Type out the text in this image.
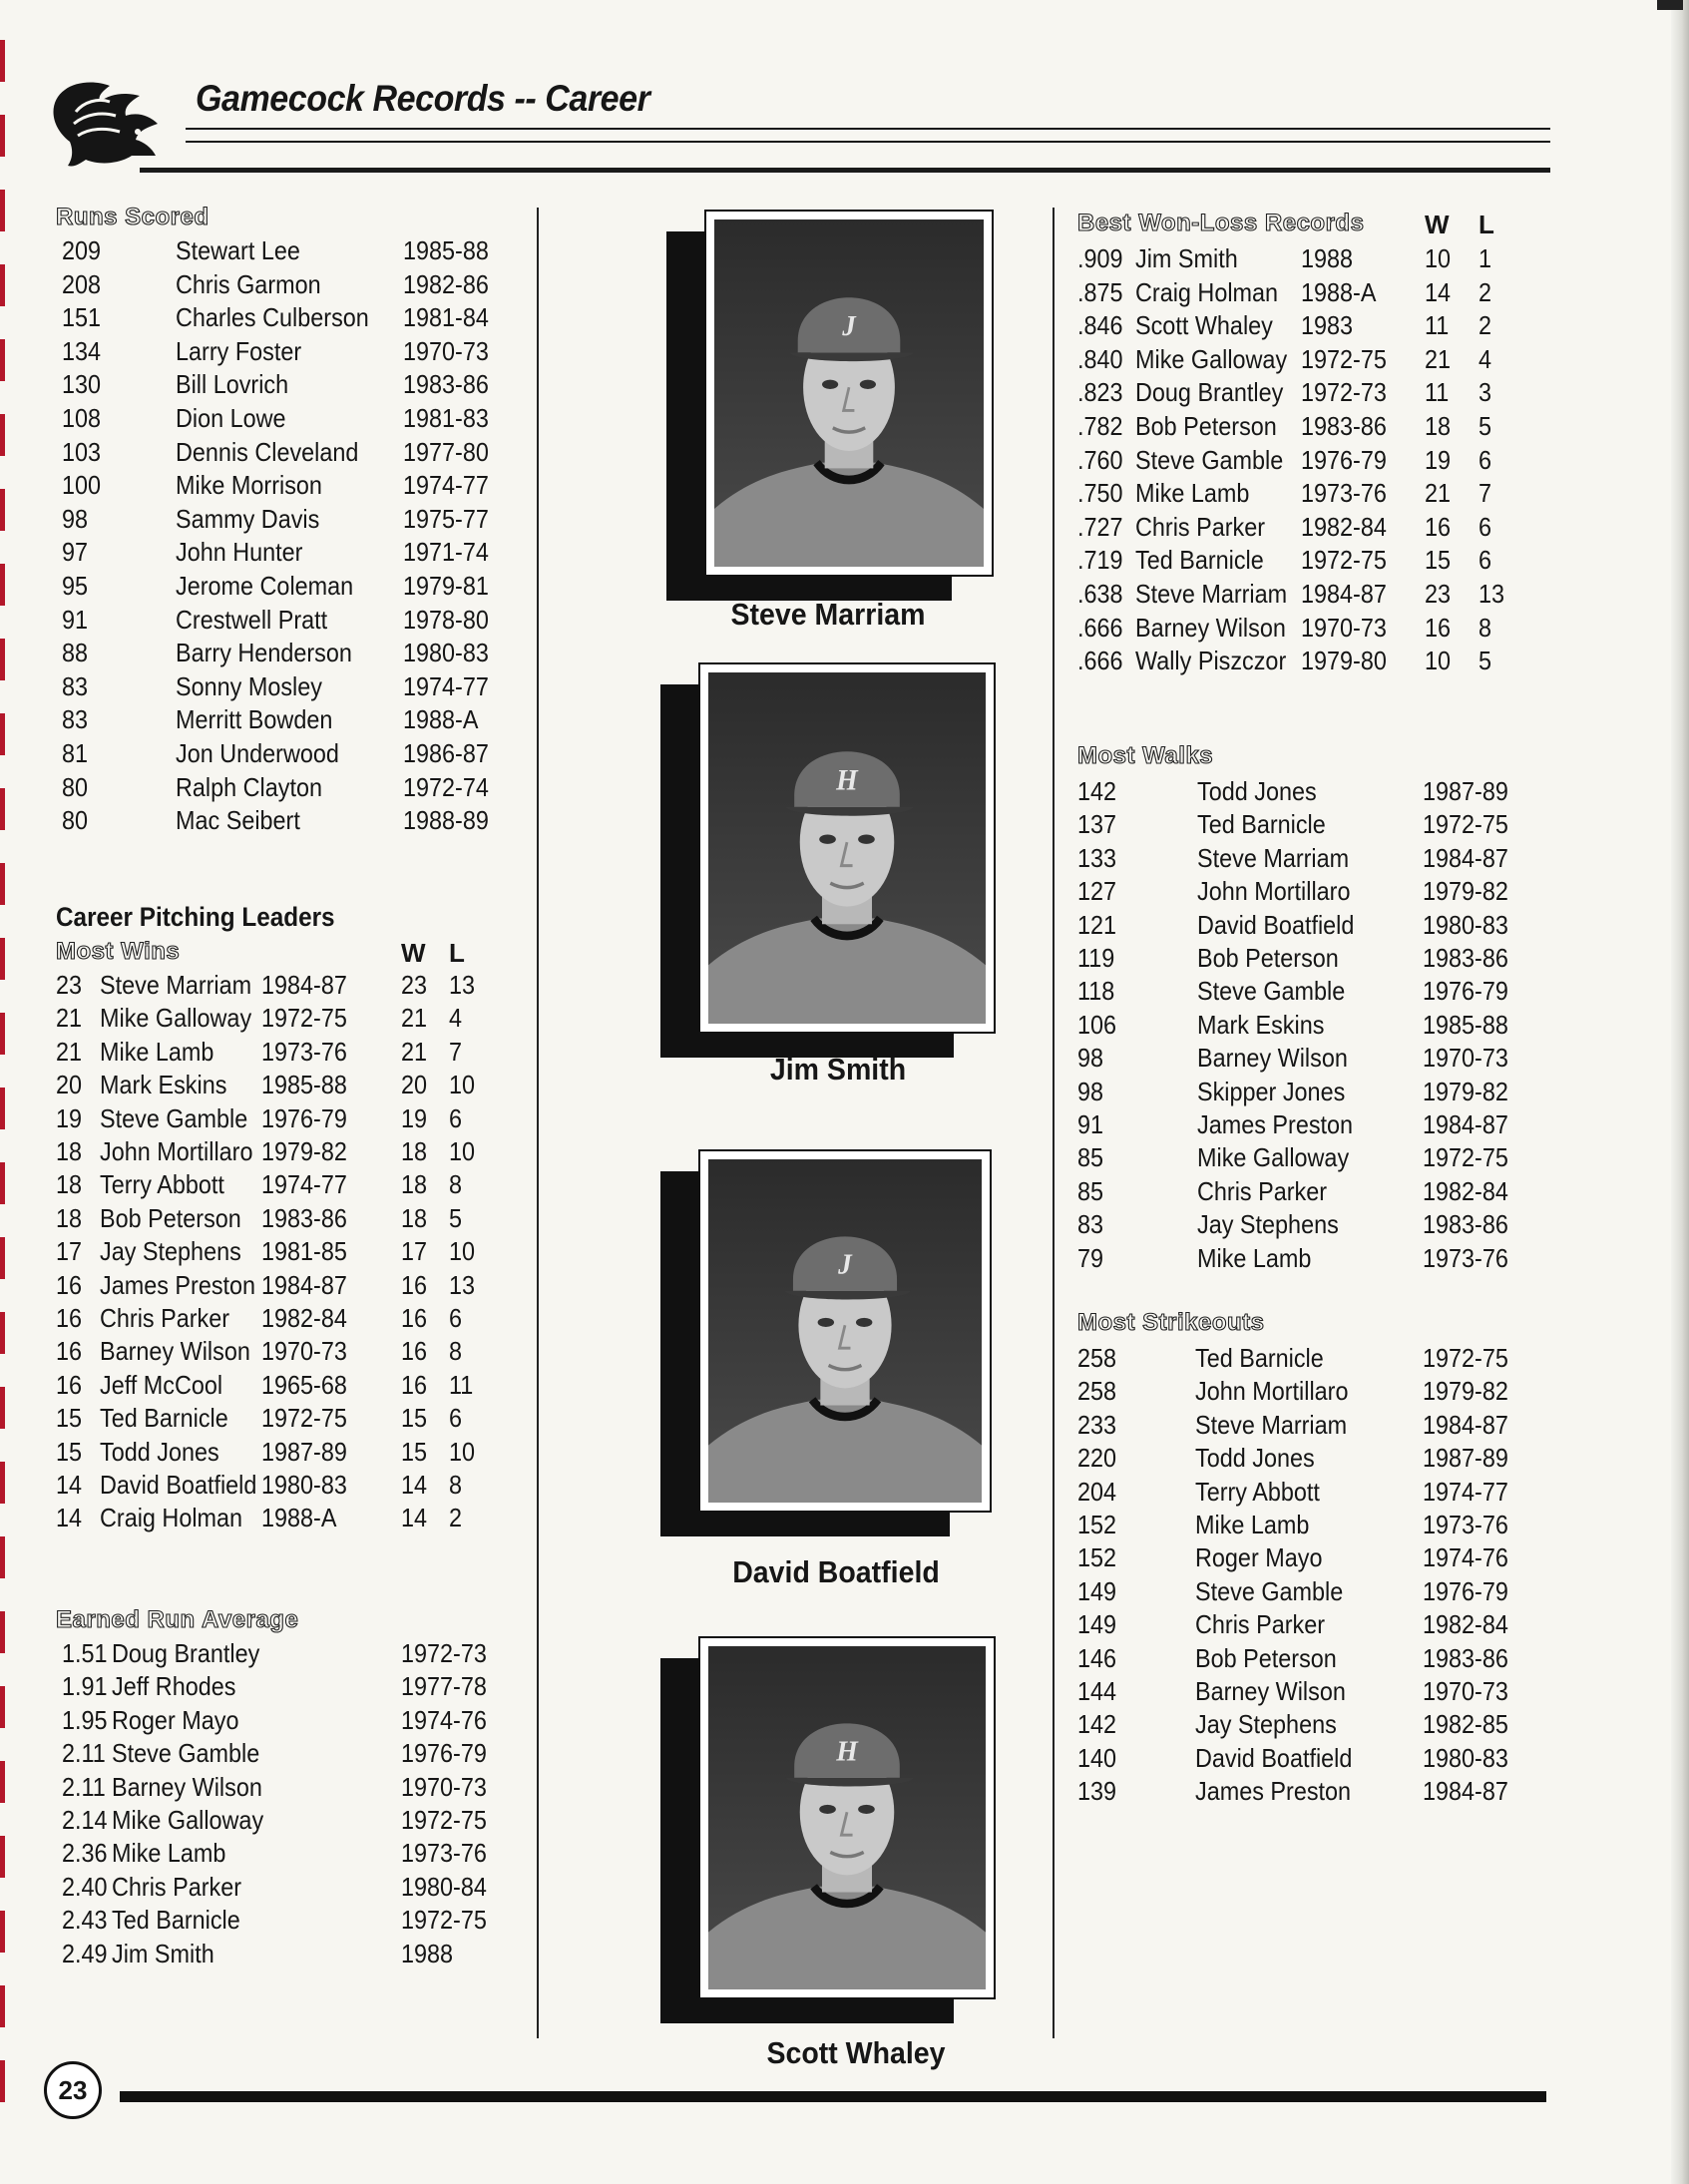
Gamecock Records -- Career
Runs Scored
209	Stewart Lee	1985-88
208	Chris Garmon	1982-86
151	Charles Culberson 1981-84
134	Larry Foster	1970-73
130	Bill Lovrich	1983-86
108	Dion Lowe	1981-83
103	Dennis Cleveland 1977-80
100	Mike Morrison	1974-77
98	Sammy Davis	1975-77
97	John Hunter	1971-74
95	Jerome Coleman 1979-81
91	Crestwell Pratt	1978-80
88	Barry Henderson 1980-83
83	Sonny Mosley	1974-77
83	Merritt Bowden	1988-A
81	Jon Underwood 1986-87
80	Ralph Clayton	1972-74
80	Mac Seibert	1988-89
Career Pitching Leaders
Most Wins	W L
23 Steve Marriam 1984-87 23 13
21 Mike Galloway 1972-75 21 4
21 Mike Lamb 1973-76 21 7
20 Mark Eskins 1985-88 20 10
19 Steve Gamble 1976-79 19 6
18 John Mortillaro 1979-82 18 10
18 Terry Abbott 1974-77 18 8
18 Bob Peterson 1983-86 18 5
17 Jay Stephens 1981-85 17 10
16 James Preston 1984-87 16 13
16 Chris Parker 1982-84 16 6
16 Barney Wilson 1970-73 16 8
16 Jeff McCool 1965-68 16 11
15 Ted Barnicle 1972-75 15 6
15 Todd Jones 1987-89 15 10
14 David Boatfield 1980-83 14 8
14 Craig Holman 1988-A 14 2
Earned Run Average
1.51 Doug Brantley	1972-73
1.91 Jeff Rhodes	1977-78
1.95 Roger Mayo	1974-76
2.11 Steve Gamble	1976-79
2.11 Barney Wilson	1970-73
2.14 Mike Galloway	1972-75
2.36 Mike Lamb	1973-76
2.40 Chris Parker	1980-84
2.43 Ted Barnicle	1972-75
2.49 Jim Smith	1988
J
Steve Marriam
H
Jim Smith
J
David Boatfield
H
Scott Whaley
Best Won-Loss Records W L
.909 Jim Smith 1988	10 1
.875 Craig Holman 1988-A 14 2
.846 Scott Whaley 1983	11 2
.840 Mike Galloway 1972-75 21 4
.823 Doug Brantley 1972-73 11 3
.782 Bob Peterson 1983-86 18 5
.760 Steve Gamble 1976-79 19 6
.750 Mike Lamb 1973-76 21 7
.727 Chris Parker 1982-84 16 6
.719 Ted Barnicle 1972-75 15 6
.638 Steve Marriam 1984-87 23 13
.666 Barney Wilson 1970-73 16 8
.666 Wally Piszczor 1979-80 10 5
Most Walks
142	Todd Jones	1987-89
137	Ted Barnicle	1972-75
133	Steve Marriam	1984-87
127	John Mortillaro	1979-82
121	David Boatfield	1980-83
119	Bob Peterson	1983-86
118	Steve Gamble	1976-79
106	Mark Eskins	1985-88
98	Barney Wilson	1970-73
98	Skipper Jones	1979-82
91	James Preston	1984-87
85	Mike Galloway	1972-75
85	Chris Parker	1982-84
83	Jay Stephens	1983-86
79	Mike Lamb	1973-76
Most Strikeouts
258	Ted Barnicle	1972-75
258	John Mortillaro	1979-82
233	Steve Marriam	1984-87
220	Todd Jones	1987-89
204	Terry Abbott	1974-77
152	Mike Lamb	1973-76
152	Roger Mayo	1974-76
149	Steve Gamble	1976-79
149	Chris Parker	1982-84
146	Bob Peterson	1983-86
144	Barney Wilson	1970-73
142	Jay Stephens	1982-85
140	David Boatfield	1980-83
139	James Preston	1984-87
23
